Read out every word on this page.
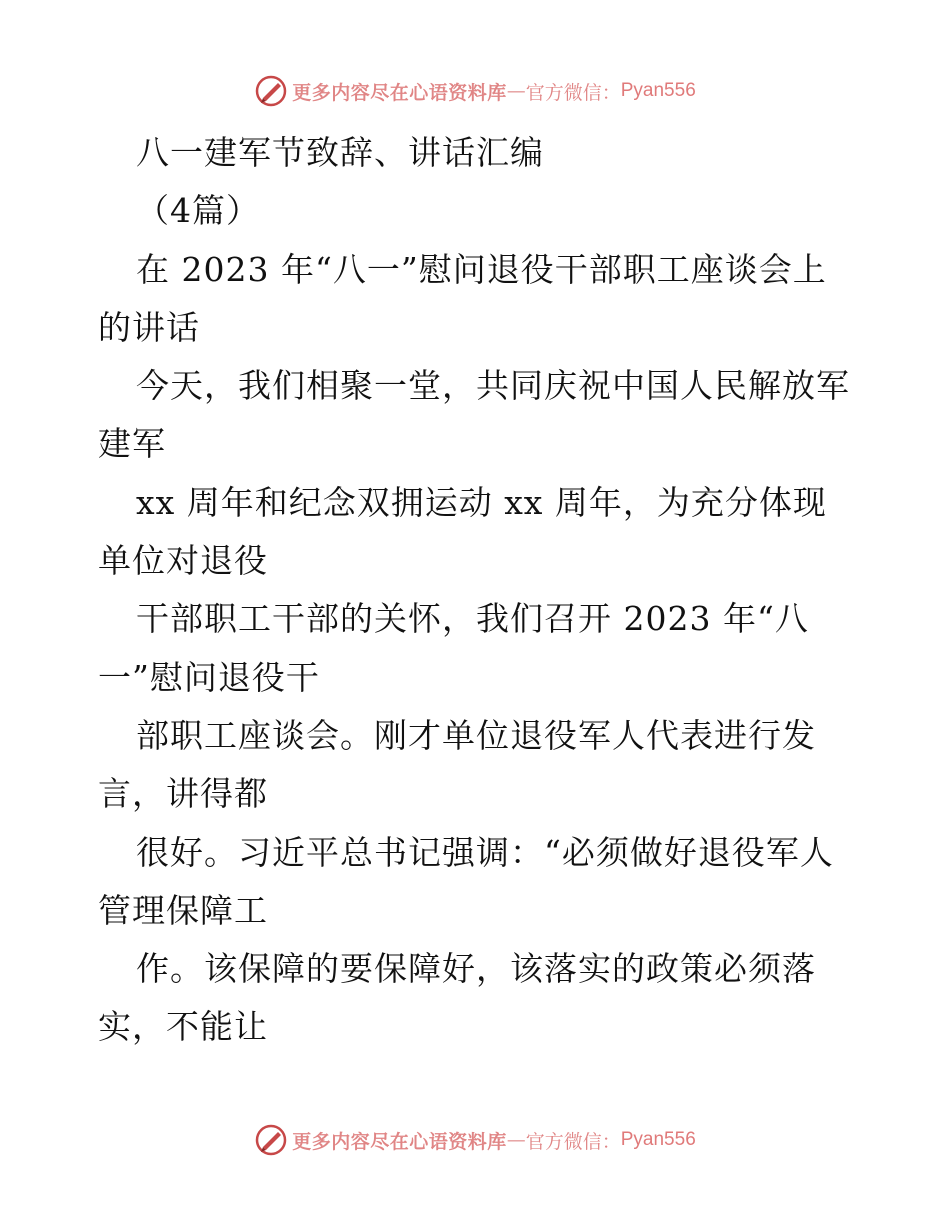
更多内容尽在心语资料库 — 官方微信： Pyan556
八一建军节致辞、讲话汇编
（4篇）
在 2023 年“八一”慰问退役干部职工座谈会上
的讲话
今天，我们相聚一堂，共同庆祝中国人民解放军
建军
xx 周年和纪念双拥运动 xx 周年，为充分体现
单位对退役
干部职工干部的关怀，我们召开 2023 年“八
一”慰问退役干
部职工座谈会。刚才单位退役军人代表进行发
言，讲得都
很好。习近平总书记强调：“必须做好退役军人
管理保障工
作。该保障的要保障好，该落实的政策必须落
实，不能让
更多内容尽在心语资料库 — 官方微信： Pyan556
